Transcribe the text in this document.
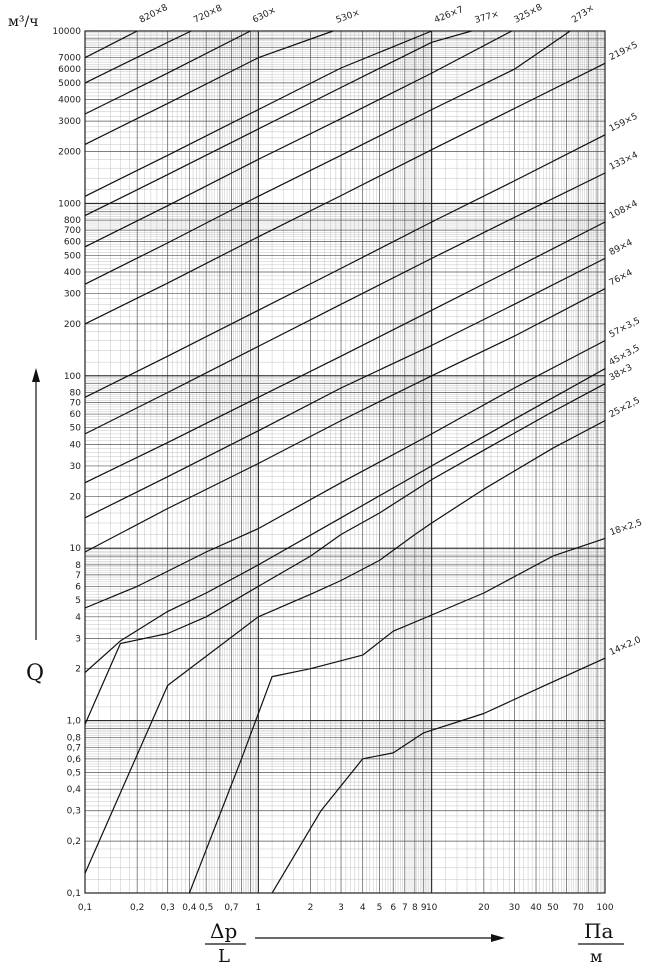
14×2,0
18×2,5
25×2,5
38×3
45×3,5
57×3,5
76×4
89×4
108×4
133×4
159×5
219×5
273×
325×8
377×
426×7
530×
630×
720×8
820×8
0,1	0,2 0,3 0,4 0,5 0,7 1	2	3 4 5 6 7 8 9 10	20 30 40 50 70 100
0,1
0,2
0,3
0,4
0,5
0,6
0,7
0,8
1,0
2
3
4
5
6
7
8
10
20
30
40
50
60
70
80
100
200
300
400
500
600
700
800
1000
2000
3000
4000
5000
6000
7000
10000
м³/ч
Q
Δp
L
Па
м
